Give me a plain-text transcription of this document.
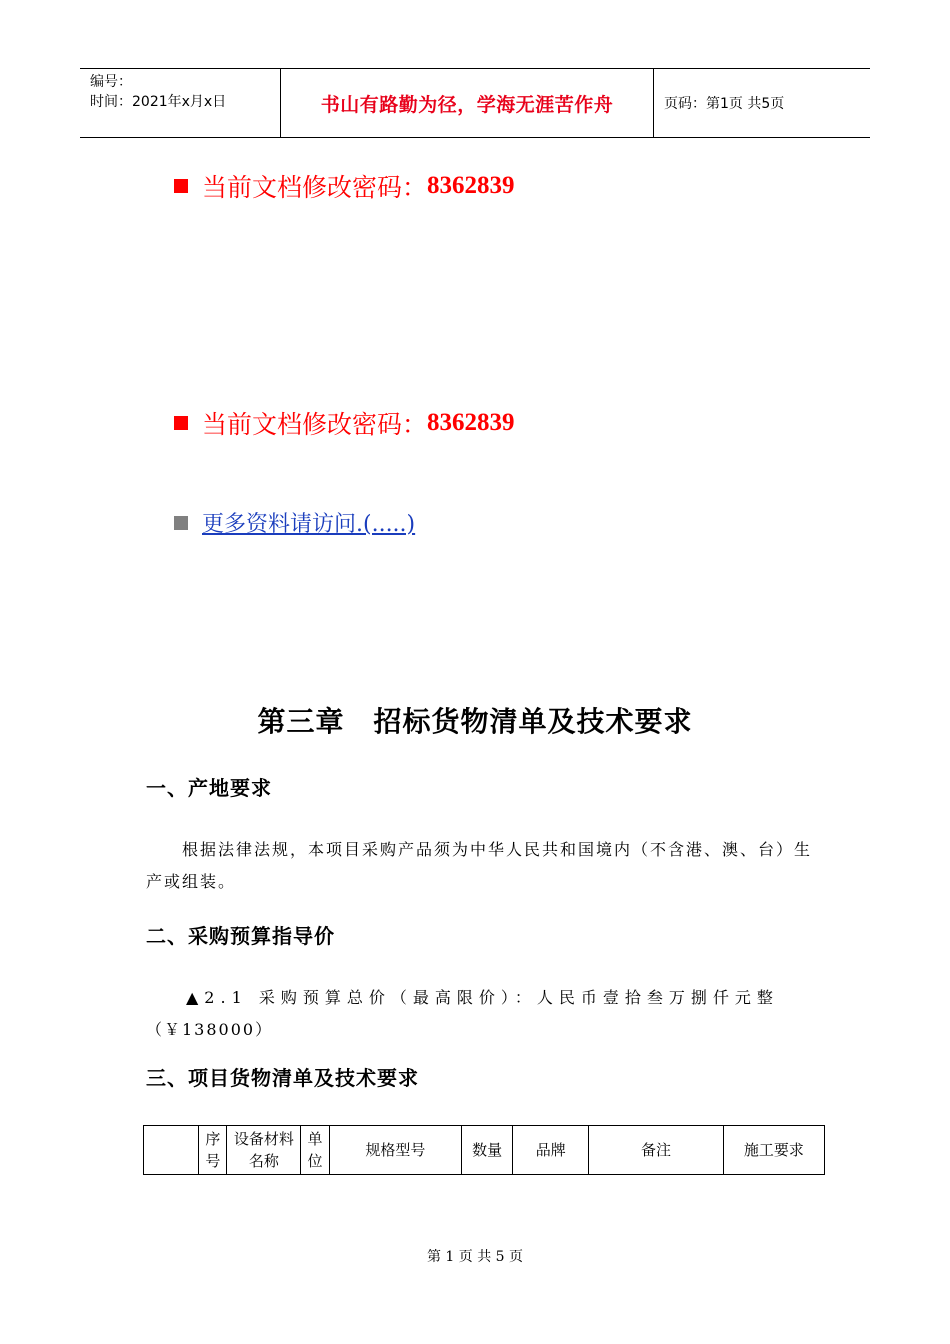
编号：
时间：2021年x月x日	书山有路勤为径，学海无涯苦作舟	页码：第1页 共5页
当前文档修改密码： 8362839
当前文档修改密码： 8362839
更多资料请访问.(.....)
第三章　招标货物清单及技术要求
一、产地要求
根据法律法规，本项目采购产品须为中华人民共和国境内（不含港、澳、台）生产或组装。
二、采购预算指导价
▲2.1 采购预算总价（最高限价）：人民币壹拾叁万捌仟元整
（￥138000）
三、项目货物清单及技术要求
	序号	设备材料名称	单位	规格型号	数量	品牌	备注	施工要求
第 1 页 共 5 页
